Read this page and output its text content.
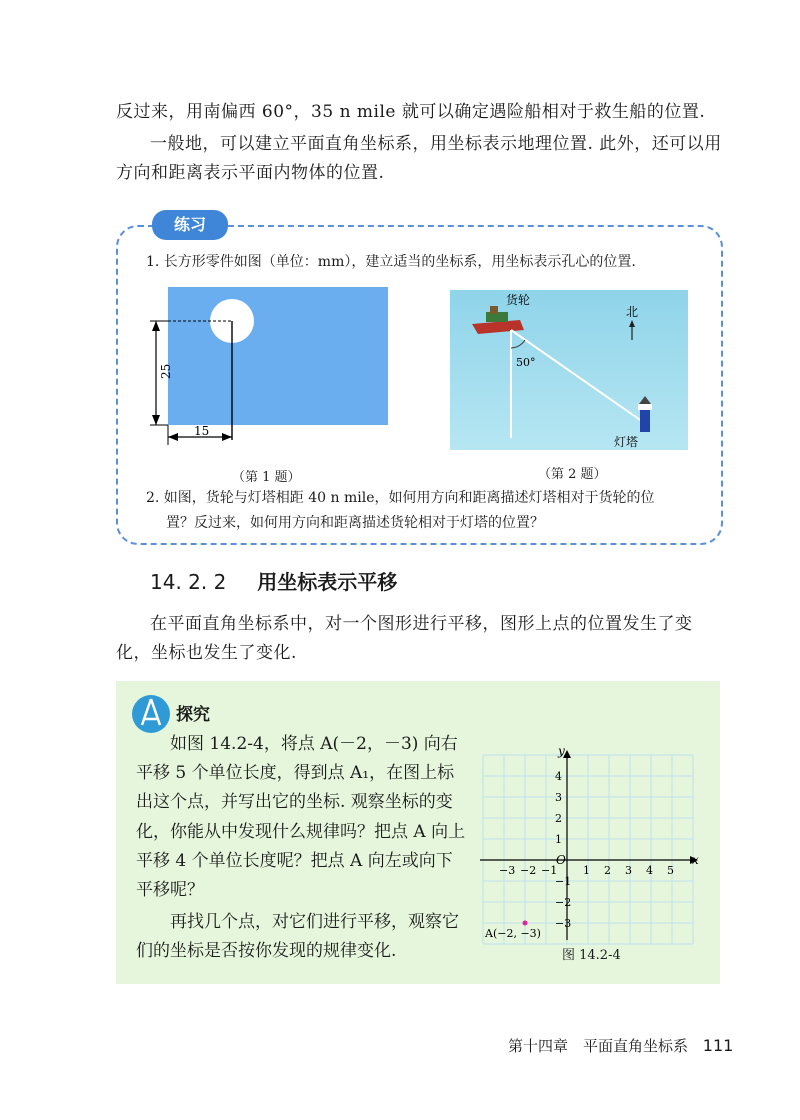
反过来，用南偏西 60°，35 n mile 就可以确定遇险船相对于救生船的位置.
一般地，可以建立平面直角坐标系，用坐标表示地理位置. 此外，还可以用方向和距离表示平面内物体的位置.
练习
1. 长方形零件如图（单位：mm），建立适当的坐标系，用坐标表示孔心的位置.
25
15
（第 1 题）
货轮
北
50°
灯塔
（第 2 题）
2. 如图，货轮与灯塔相距 40 n mile，如何用方向和距离描述灯塔相对于货轮的位
置？反过来，如何用方向和距离描述货轮相对于灯塔的位置？
14. 2. 2 用坐标表示平移
在平面直角坐标系中，对一个图形进行平移，图形上点的位置发生了变化，坐标也发生了变化.
探究
如图 14.2-4，将点 A(－2，－3) 向右平移 5 个单位长度，得到点 A₁，在图上标出这个点，并写出它的坐标. 观察坐标的变化，你能从中发现什么规律吗？把点 A 向上平移 4 个单位长度呢？把点 A 向左或向下平移呢？
再找几个点，对它们进行平移，观察它们的坐标是否按你发现的规律变化.
x
y
O
−3 −2 −1 1 2 3 4 5
4
3
2
1
−1
−2
−3
A(−2, −3)
图 14.2-4
第十四章　平面直角坐标系 111
